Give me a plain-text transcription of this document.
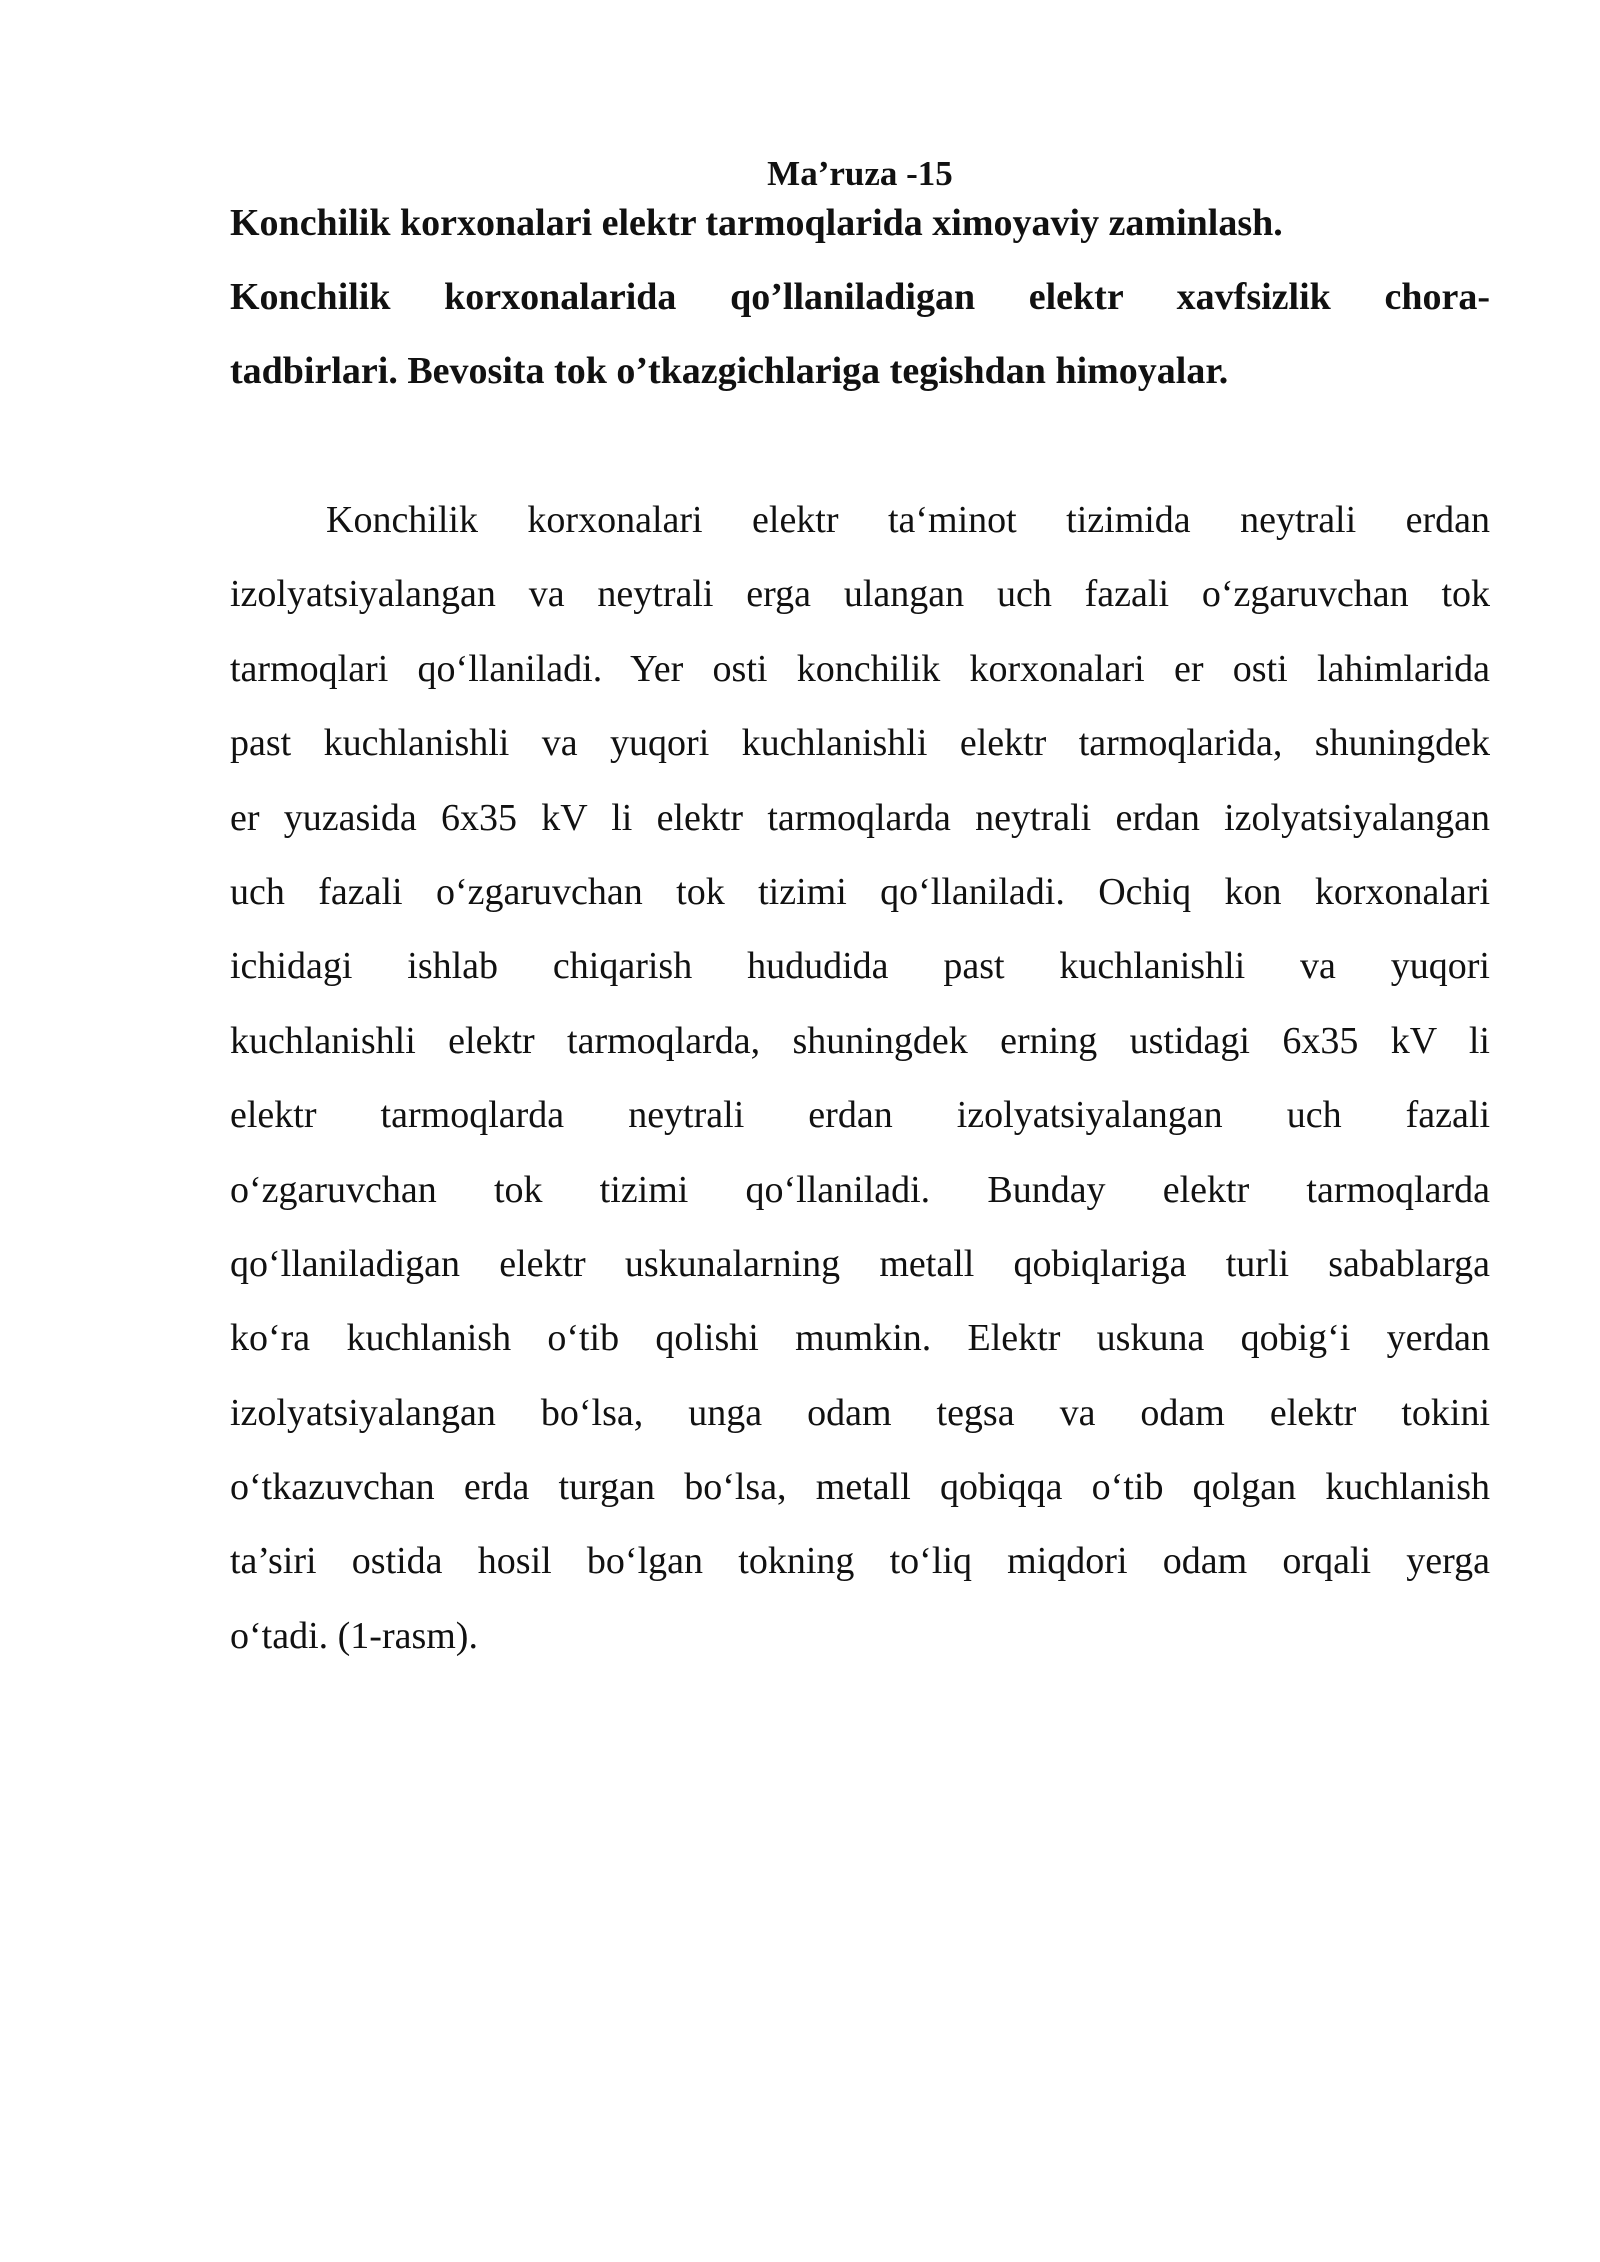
Ma’ruza -15
Konchilik korxonalari elektr tarmoqlarida ximoyaviy zaminlash.
Konchilik korxonalarida qo’llaniladigan elektr xavfsizlik chora-
tadbirlari. Bevosita tok o’tkazgichlariga tegishdan himoyalar.
Konchilik korxonalari elektr ta‘minot tizimida neytrali erdan
izolyatsiyalangan va neytrali erga ulangan uch fazali o‘zgaruvchan tok
tarmoqlari qo‘llaniladi. Yer osti konchilik korxonalari er osti lahimlarida
past kuchlanishli va yuqori kuchlanishli elektr tarmoqlarida, shuningdek
er yuzasida 6x35 kV li elektr tarmoqlarda neytrali erdan izolyatsiyalangan
uch fazali o‘zgaruvchan tok tizimi qo‘llaniladi. Ochiq kon korxonalari
ichidagi ishlab chiqarish hududida past kuchlanishli va yuqori
kuchlanishli elektr tarmoqlarda, shuningdek erning ustidagi 6x35 kV li
elektr tarmoqlarda neytrali erdan izolyatsiyalangan uch fazali
o‘zgaruvchan tok tizimi qo‘llaniladi. Bunday elektr tarmoqlarda
qo‘llaniladigan elektr uskunalarning metall qobiqlariga turli sabablarga
ko‘ra kuchlanish o‘tib qolishi mumkin. Elektr uskuna qobig‘i yerdan
izolyatsiyalangan bo‘lsa, unga odam tegsa va odam elektr tokini
o‘tkazuvchan erda turgan bo‘lsa, metall qobiqqa o‘tib qolgan kuchlanish
ta’siri ostida hosil bo‘lgan tokning to‘liq miqdori odam orqali yerga
o‘tadi. (1-rasm).
